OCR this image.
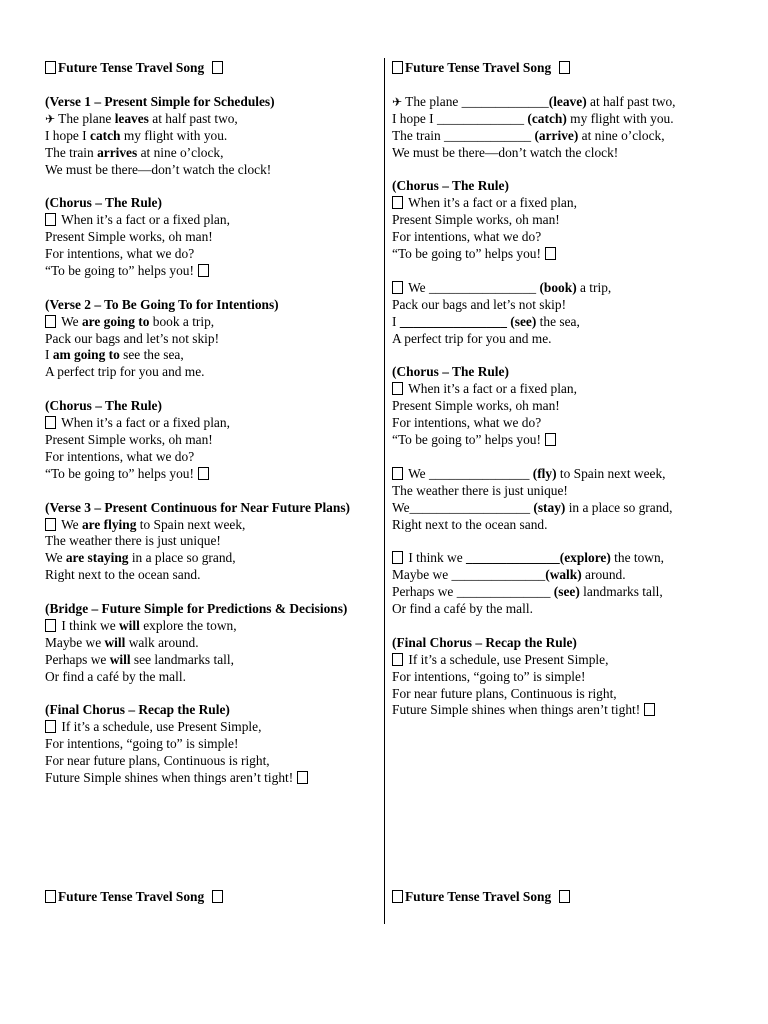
Future Tense Travel Song
(Verse 1 – Present Simple for Schedules)
✈ The plane leaves at half past two,
I hope I catch my flight with you.
The train arrives at nine o’clock,
We must be there—don’t watch the clock!
(Chorus – The Rule)
When it’s a fact or a fixed plan,
Present Simple works, oh man!
For intentions, what we do?
“To be going to” helps you!
(Verse 2 – To Be Going To for Intentions)
We are going to book a trip,
Pack our bags and let’s not skip!
I am going to see the sea,
A perfect trip for you and me.
(Chorus – The Rule)
When it’s a fact or a fixed plan,
Present Simple works, oh man!
For intentions, what we do?
“To be going to” helps you!
(Verse 3 – Present Continuous for Near Future Plans)
We are flying to Spain next week,
The weather there is just unique!
We are staying in a place so grand,
Right next to the ocean sand.
(Bridge – Future Simple for Predictions & Decisions)
I think we will explore the town,
Maybe we will walk around.
Perhaps we will see landmarks tall,
Or find a café by the mall.
(Final Chorus – Recap the Rule)
If it’s a schedule, use Present Simple,
For intentions, “going to” is simple!
For near future plans, Continuous is right,
Future Simple shines when things aren’t tight!
Future Tense Travel Song
✈ The plane _____________(leave) at half past two,
I hope I _____________ (catch) my flight with you.
The train _____________ (arrive) at nine o’clock,
We must be there—don’t watch the clock!
(Chorus – The Rule)
When it’s a fact or a fixed plan,
Present Simple works, oh man!
For intentions, what we do?
“To be going to” helps you!
We ________________ (book) a trip,
Pack our bags and let’s not skip!
I ________________ (see) the sea,
A perfect trip for you and me.
(Chorus – The Rule)
When it’s a fact or a fixed plan,
Present Simple works, oh man!
For intentions, what we do?
“To be going to” helps you!
We _______________ (fly) to Spain next week,
The weather there is just unique!
We__________________ (stay) in a place so grand,
Right next to the ocean sand.
I think we ______________(explore) the town,
Maybe we ______________(walk) around.
Perhaps we ______________ (see) landmarks tall,
Or find a café by the mall.
(Final Chorus – Recap the Rule)
If it’s a schedule, use Present Simple,
For intentions, “going to” is simple!
For near future plans, Continuous is right,
Future Simple shines when things aren’t tight!
Future Tense Travel Song	Future Tense Travel Song
